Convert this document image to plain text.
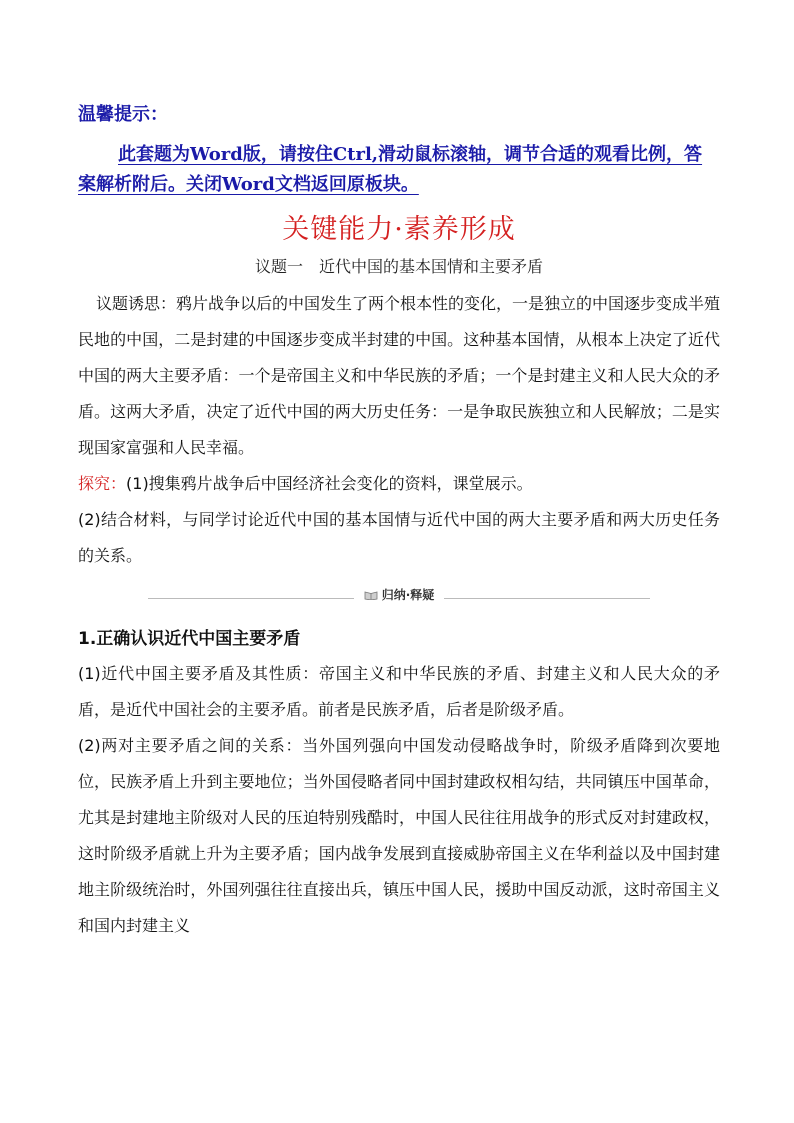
温馨提示：

此套题为Word版，请按住Ctrl,滑动鼠标滚轴，调节合适的观看比例，答案解析附后。关闭Word文档返回原板块。

关键能力·素养形成
议题一　近代中国的基本国情和主要矛盾

议题诱思：鸦片战争以后的中国发生了两个根本性的变化，一是独立的中国逐步变成半殖民地的中国，二是封建的中国逐步变成半封建的中国。这种基本国情，从根本上决定了近代中国的两大主要矛盾：一个是帝国主义和中华民族的矛盾；一个是封建主义和人民大众的矛盾。这两大矛盾，决定了近代中国的两大历史任务：一是争取民族独立和人民解放；二是实现国家富强和人民幸福。

探究：(1)搜集鸦片战争后中国经济社会变化的资料，课堂展示。

(2)结合材料，与同学讨论近代中国的基本国情与近代中国的两大主要矛盾和两大历史任务的关系。

归纳·释疑

1.正确认识近代中国主要矛盾

(1)近代中国主要矛盾及其性质：帝国主义和中华民族的矛盾、封建主义和人民大众的矛盾，是近代中国社会的主要矛盾。前者是民族矛盾，后者是阶级矛盾。

(2)两对主要矛盾之间的关系：当外国列强向中国发动侵略战争时，阶级矛盾降到次要地位，民族矛盾上升到主要地位；当外国侵略者同中国封建政权相勾结，共同镇压中国革命，尤其是封建地主阶级对人民的压迫特别残酷时，中国人民往往用战争的形式反对封建政权，这时阶级矛盾就上升为主要矛盾；国内战争发展到直接威胁帝国主义在华利益以及中国封建地主阶级统治时，外国列强往往直接出兵，镇压中国人民，援助中国反动派，这时帝国主义和国内封建主义
